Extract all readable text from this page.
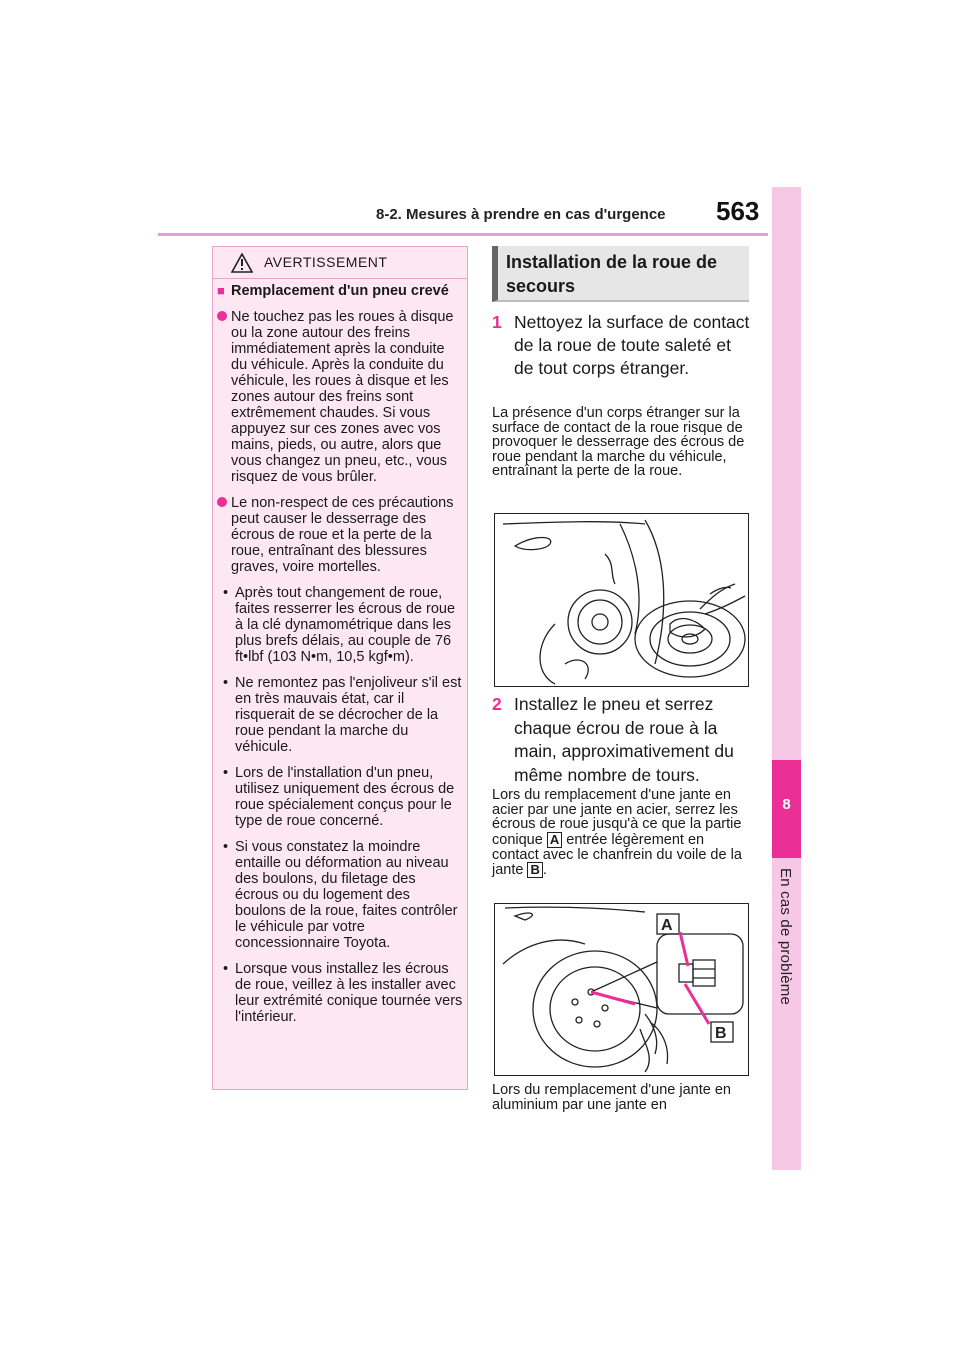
8-2. Mesures à prendre en cas d'urgence 563
8
En cas de problème
AVERTISSEMENT
■ Remplacement d'un pneu crevé
Ne touchez pas les roues à disque ou la zone autour des freins immédiatement après la conduite du véhicule. Après la conduite du véhicule, les roues à disque et les zones autour des freins sont extrêmement chaudes. Si vous appuyez sur ces zones avec vos mains, pieds, ou autre, alors que vous changez un pneu, etc., vous risquez de vous brûler.
Le non-respect de ces précautions peut causer le desserrage des écrous de roue et la perte de la roue, entraînant des blessures graves, voire mortelles.
• Après tout changement de roue, faites resserrer les écrous de roue à la clé dynamométrique dans les plus brefs délais, au couple de 76 ft•lbf (103 N•m, 10,5 kgf•m).
• Ne remontez pas l'enjoliveur s'il est en très mauvais état, car il risquerait de se décrocher de la roue pendant la marche du véhicule.
• Lors de l'installation d'un pneu, utilisez uniquement des écrous de roue spécialement conçus pour le type de roue concerné.
• Si vous constatez la moindre entaille ou déformation au niveau des boulons, du filetage des écrous ou du logement des boulons de la roue, faites contrôler le véhicule par votre concessionnaire Toyota.
• Lorsque vous installez les écrous de roue, veillez à les installer avec leur extrémité conique tournée vers l'intérieur.
Installation de la roue de secours
1 Nettoyez la surface de contact de la roue de toute saleté et de tout corps étranger.
La présence d'un corps étranger sur la surface de contact de la roue risque de provoquer le desserrage des écrous de roue pendant la marche du véhicule, entraînant la perte de la roue.
2 Installez le pneu et serrez chaque écrou de roue à la main, approximativement du même nombre de tours.
Lors du remplacement d'une jante en acier par une jante en acier, serrez les écrous de roue jusqu'à ce que la partie conique A entrée légèrement en contact avec le chanfrein du voile de la jante B .
A
B
Lors du remplacement d'une jante en aluminium par une jante en
